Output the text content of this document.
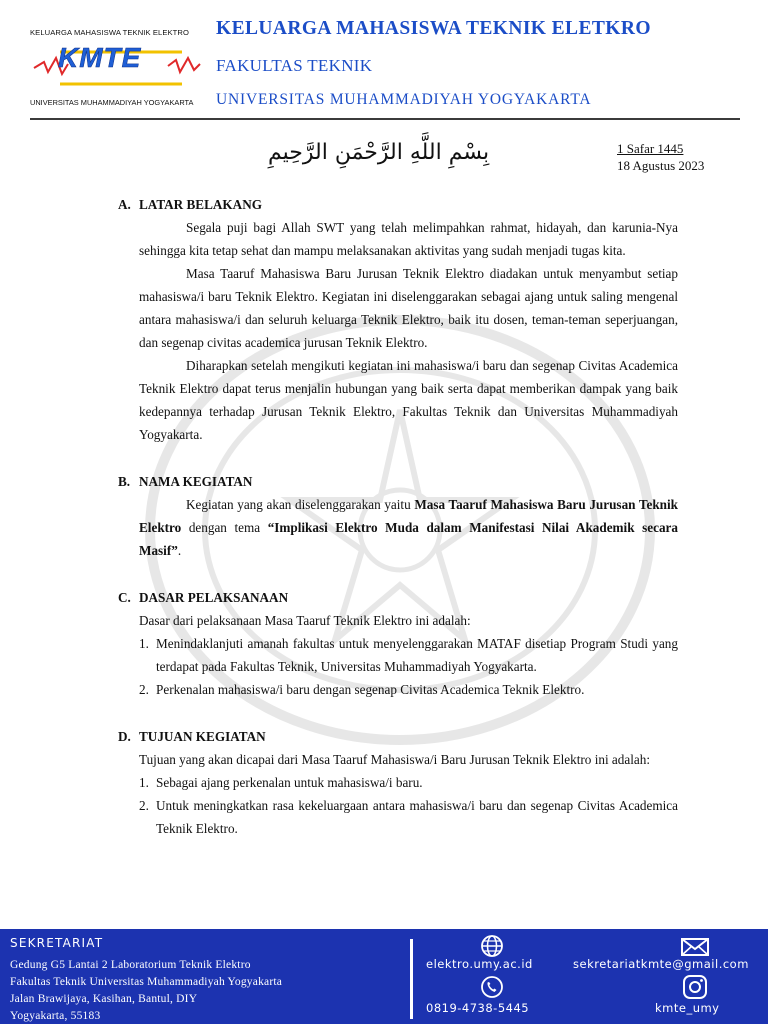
KELUARGA MAHASISWA TEKNIK ELEKTRO
KMTE
UNIVERSITAS MUHAMMADIYAH YOGYAKARTA
KELUARGA MAHASISWA TEKNIK ELETKRO
FAKULTAS TEKNIK
UNIVERSITAS MUHAMMADIYAH YOGYAKARTA
بِسْمِ اللَّهِ الرَّحْمَنِ الرَّحِيمِ	1 Safar 1445
18 Agustus 2023
A. LATAR BELAKANG

Segala puji bagi Allah SWT yang telah melimpahkan rahmat, hidayah, dan karunia-Nya sehingga kita tetap sehat dan mampu melaksanakan aktivitas yang sudah menjadi tugas kita.

Masa Taaruf Mahasiswa Baru Jurusan Teknik Elektro diadakan untuk menyambut setiap mahasiswa/i baru Teknik Elektro. Kegiatan ini diselenggarakan sebagai ajang untuk saling mengenal antara mahasiswa/i dan seluruh keluarga Teknik Elektro, baik itu dosen, teman-teman seperjuangan, dan segenap civitas academica jurusan Teknik Elektro.

Diharapkan setelah mengikuti kegiatan ini mahasiswa/i baru dan segenap Civitas Academica Teknik Elektro dapat terus menjalin hubungan yang baik serta dapat memberikan dampak yang baik kedepannya terhadap Jurusan Teknik Elektro, Fakultas Teknik dan Universitas Muhammadiyah Yogyakarta.

B. NAMA KEGIATAN

Kegiatan yang akan diselenggarakan yaitu Masa Taaruf Mahasiswa Baru Jurusan Teknik Elektro dengan tema “Implikasi Elektro Muda dalam Manifestasi Nilai Akademik secara Masif”.

C. DASAR PELAKSANAAN

Dasar dari pelaksanaan Masa Taaruf Teknik Elektro ini adalah:

1. Menindaklanjuti amanah fakultas untuk menyelenggarakan MATAF disetiap Program Studi yang terdapat pada Fakultas Teknik, Universitas Muhammadiyah Yogyakarta.
2. Perkenalan mahasiswa/i baru dengan segenap Civitas Academica Teknik Elektro.
D. TUJUAN KEGIATAN

Tujuan yang akan dicapai dari Masa Taaruf Mahasiswa/i Baru Jurusan Teknik Elektro ini adalah:

1. Sebagai ajang perkenalan untuk mahasiswa/i baru.
2. Untuk meningkatkan rasa kekeluargaan antara mahasiswa/i baru dan segenap Civitas Academica Teknik Elektro.
SEKRETARIAT
Gedung G5 Lantai 2 Laboratorium Teknik Elektro
Fakultas Teknik Universitas Muhammadiyah Yogyakarta
Jalan Brawijaya, Kasihan, Bantul, DIY
Yogyakarta, 55183
elektro.umy.ac.id	sekretariatkmte@gmail.com
0819-4738-5445	kmte_umy
